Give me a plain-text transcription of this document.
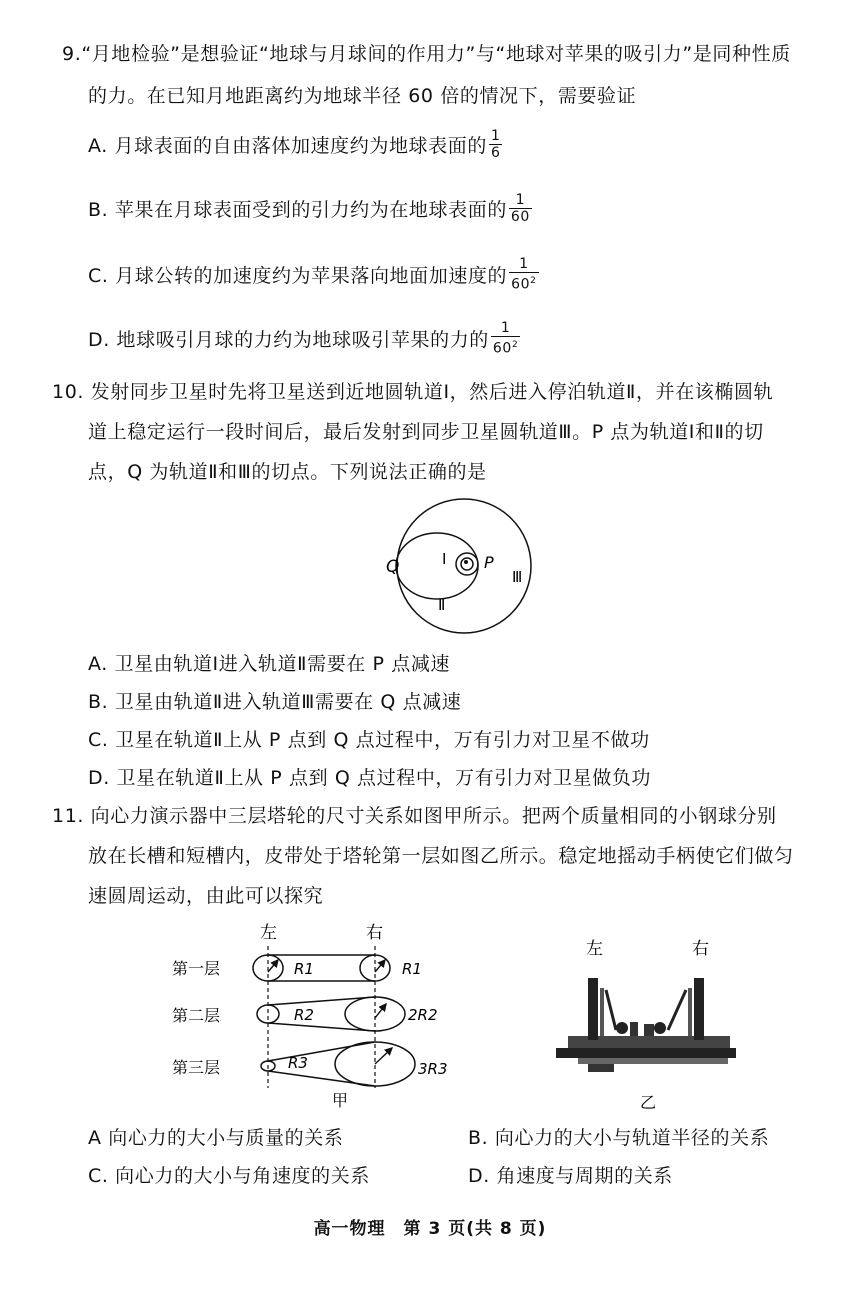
9.“月地检验”是想验证“地球与月球间的作用力”与“地球对苹果的吸引力”是同种性质
的力。在已知月地距离约为地球半径 60 倍的情况下，需要验证
A. 月球表面的自由落体加速度约为地球表面的 $\frac{1}{6}$
B. 苹果在月球表面受到的引力约为在地球表面的 $\frac{1}{60}$
C. 月球公转的加速度约为苹果落向地面加速度的 $\frac{1}{60^2}$
D. 地球吸引月球的力约为地球吸引苹果的力的 $\frac{1}{60^2}$
10. 发射同步卫星时先将卫星送到近地圆轨道Ⅰ，然后进入停泊轨道Ⅱ，并在该椭圆轨
道上稳定运行一段时间后，最后发射到同步卫星圆轨道Ⅲ。P 点为轨道Ⅰ和Ⅱ的切
点，Q 为轨道Ⅱ和Ⅲ的切点。下列说法正确的是
Q	Ⅰ P
Ⅲ
Ⅱ
A. 卫星由轨道Ⅰ进入轨道Ⅱ需要在 P 点减速
B. 卫星由轨道Ⅱ进入轨道Ⅲ需要在 Q 点减速
C. 卫星在轨道Ⅱ上从 P 点到 Q 点过程中，万有引力对卫星不做功
D. 卫星在轨道Ⅱ上从 P 点到 Q 点过程中，万有引力对卫星做负功
11. 向心力演示器中三层塔轮的尺寸关系如图甲所示。把两个质量相同的小钢球分别
放在长槽和短槽内，皮带处于塔轮第一层如图乙所示。稳定地摇动手柄使它们做匀
速圆周运动，由此可以探究
左	右
第一层	R1	R1
第二层	R2	2R2
第三层	R3	3R3
甲
左	右
乙
A 向心力的大小与质量的关系	B. 向心力的大小与轨道半径的关系
C. 向心力的大小与角速度的关系	D. 角速度与周期的关系
高一物理　第 3 页(共 8 页)
